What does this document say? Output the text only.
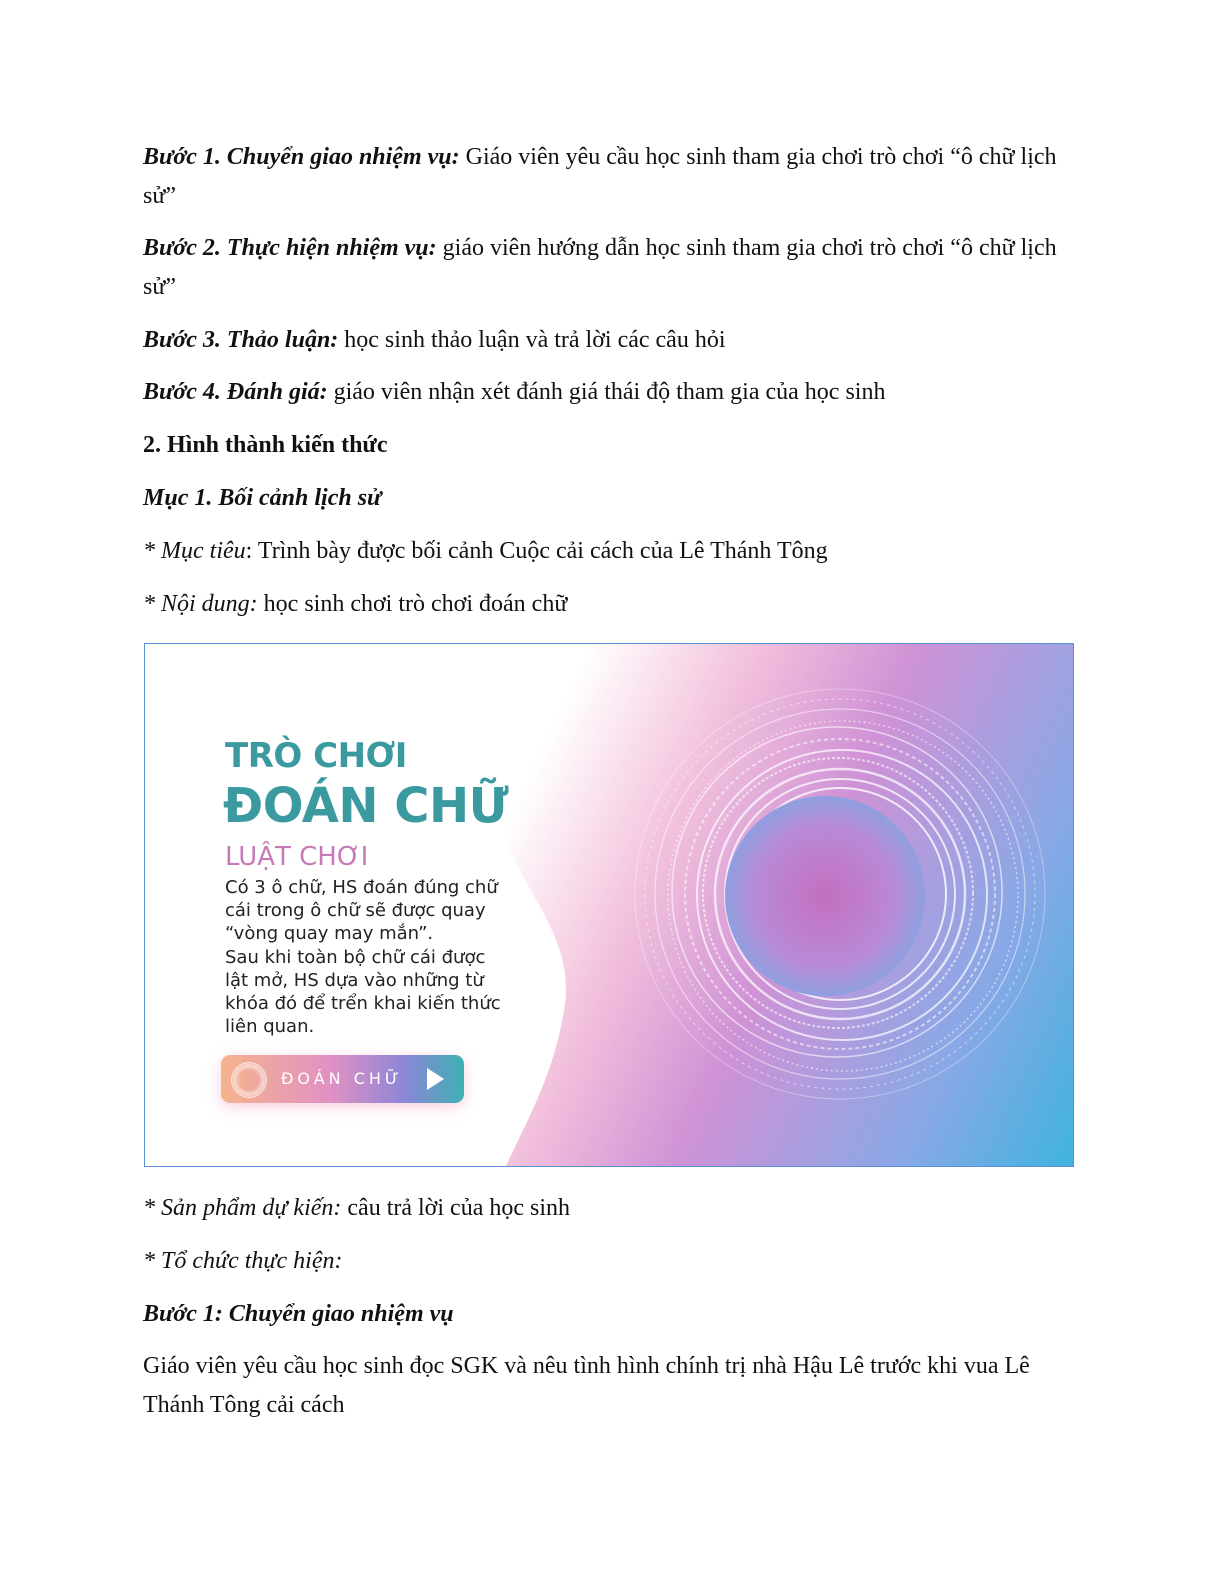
Bước 1. Chuyển giao nhiệm vụ: Giáo viên yêu cầu học sinh tham gia chơi trò chơi “ô chữ lịch sử”

Bước 2. Thực hiện nhiệm vụ: giáo viên hướng dẫn học sinh tham gia chơi trò chơi “ô chữ lịch sử”

Bước 3. Thảo luận: học sinh thảo luận và trả lời các câu hỏi

Bước 4. Đánh giá: giáo viên nhận xét đánh giá thái độ tham gia của học sinh

2. Hình thành kiến thức

Mục 1. Bối cảnh lịch sử

* Mục tiêu: Trình bày được bối cảnh Cuộc cải cách của Lê Thánh Tông

* Nội dung: học sinh chơi trò chơi đoán chữ

TRÒ CHƠI
ĐOÁN CHỮ
LUẬT CHƠI
Có 3 ô chữ, HS đoán đúng chữ
cái trong ô chữ sẽ được quay
“vòng quay may mắn”.
Sau khi toàn bộ chữ cái được
lật mở, HS dựa vào những từ
khóa đó để trển khai kiến thức
liên quan.
ĐOÁN CHỮ

* Sản phẩm dự kiến: câu trả lời của học sinh

* Tổ chức thực hiện:

Bước 1: Chuyển giao nhiệm vụ

Giáo viên yêu cầu học sinh đọc SGK và nêu tình hình chính trị nhà Hậu Lê trước khi vua Lê Thánh Tông cải cách
